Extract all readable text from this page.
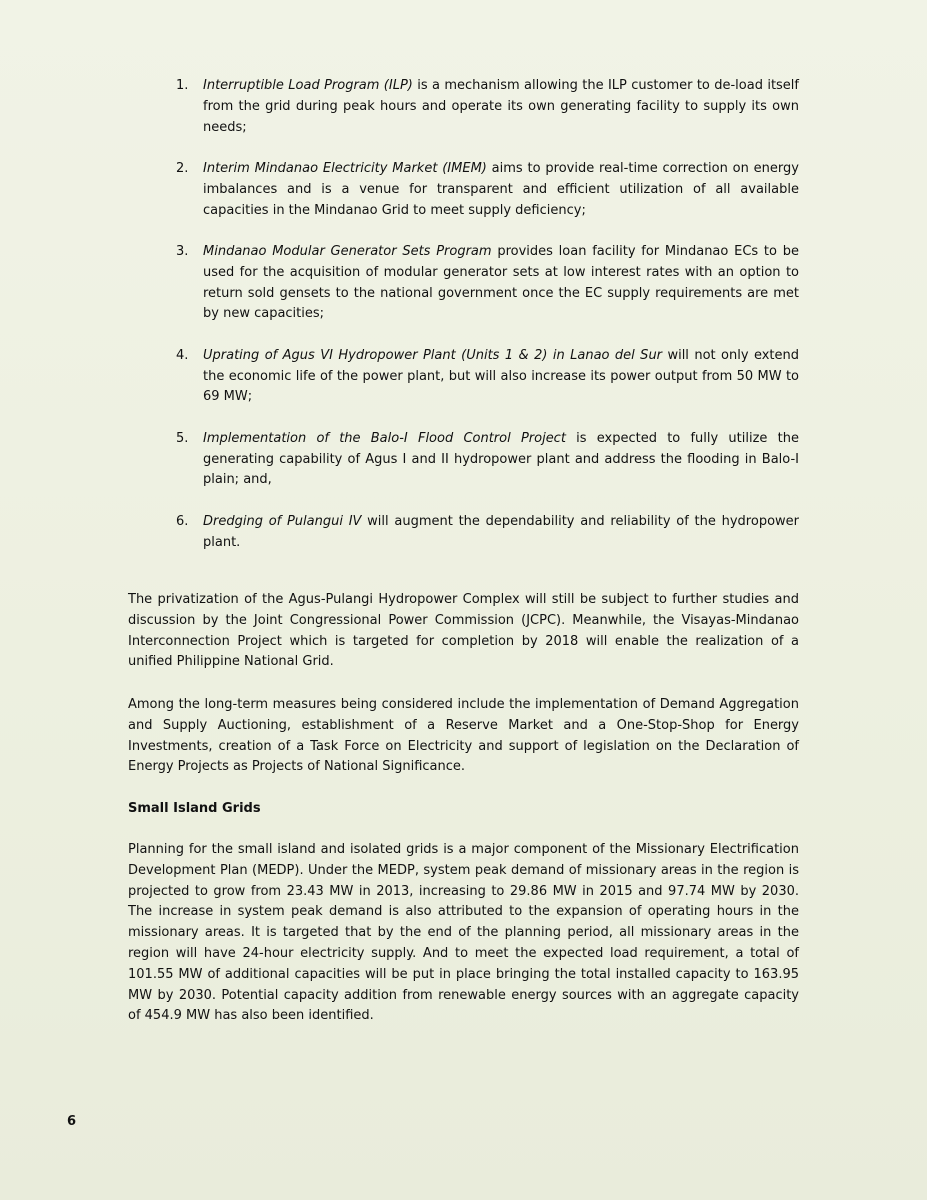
1. Interruptible Load Program (ILP) is a mechanism allowing the ILP customer to de-load itself from the grid during peak hours and operate its own generating facility to supply its own needs;
2. Interim Mindanao Electricity Market (IMEM) aims to provide real-time correction on energy imbalances and is a venue for transparent and efficient utilization of all available capacities in the Mindanao Grid to meet supply deficiency;
3. Mindanao Modular Generator Sets Program provides loan facility for Mindanao ECs to be used for the acquisition of modular generator sets at low interest rates with an option to return sold gensets to the national government once the EC supply requirements are met by new capacities;
4. Uprating of Agus VI Hydropower Plant (Units 1 & 2) in Lanao del Sur will not only extend the economic life of the power plant, but will also increase its power output from 50 MW to 69 MW;
5. Implementation of the Balo-I Flood Control Project is expected to fully utilize the generating capability of Agus I and II hydropower plant and address the flooding in Balo-I plain; and,
6. Dredging of Pulangui IV will augment the dependability and reliability of the hydropower plant.

The privatization of the Agus-Pulangi Hydropower Complex will still be subject to further studies and discussion by the Joint Congressional Power Commission (JCPC). Meanwhile, the Visayas-Mindanao Interconnection Project which is targeted for completion by 2018 will enable the realization of a unified Philippine National Grid.

Among the long-term measures being considered include the implementation of Demand Aggregation and Supply Auctioning, establishment of a Reserve Market and a One-Stop-Shop for Energy Investments, creation of a Task Force on Electricity and support of legislation on the Declaration of Energy Projects as Projects of National Significance.

Small Island Grids

Planning for the small island and isolated grids is a major component of the Missionary Electrification Development Plan (MEDP). Under the MEDP, system peak demand of missionary areas in the region is projected to grow from 23.43 MW in 2013, increasing to 29.86 MW in 2015 and 97.74 MW by 2030. The increase in system peak demand is also attributed to the expansion of operating hours in the missionary areas. It is targeted that by the end of the planning period, all missionary areas in the region will have 24-hour electricity supply. And to meet the expected load requirement, a total of 101.55 MW of additional capacities will be put in place bringing the total installed capacity to 163.95 MW by 2030. Potential capacity addition from renewable energy sources with an aggregate capacity of 454.9 MW has also been identified.

6
